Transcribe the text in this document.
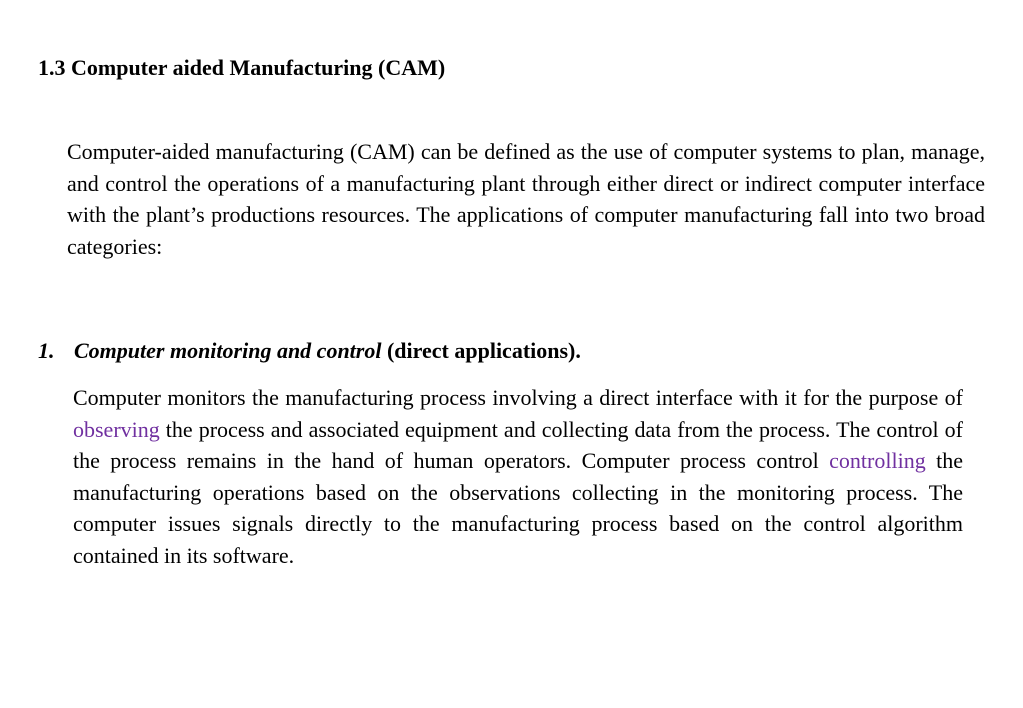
1.3 Computer aided Manufacturing (CAM)

Computer-aided manufacturing (CAM) can be defined as the use of computer systems to plan, manage, and control the operations of a manufacturing plant through either direct or indirect computer interface with the plant’s productions resources. The applications of computer manufacturing fall into two broad categories:

1. Computer monitoring and control (direct applications).

Computer monitors the manufacturing process involving a direct interface with it for the purpose of observing the process and associated equipment and collecting data from the process. The control of the process remains in the hand of human operators. Computer process control controlling the manufacturing operations based on the observations collecting in the monitoring process. The computer issues signals directly to the manufacturing process based on the control algorithm contained in its software.
